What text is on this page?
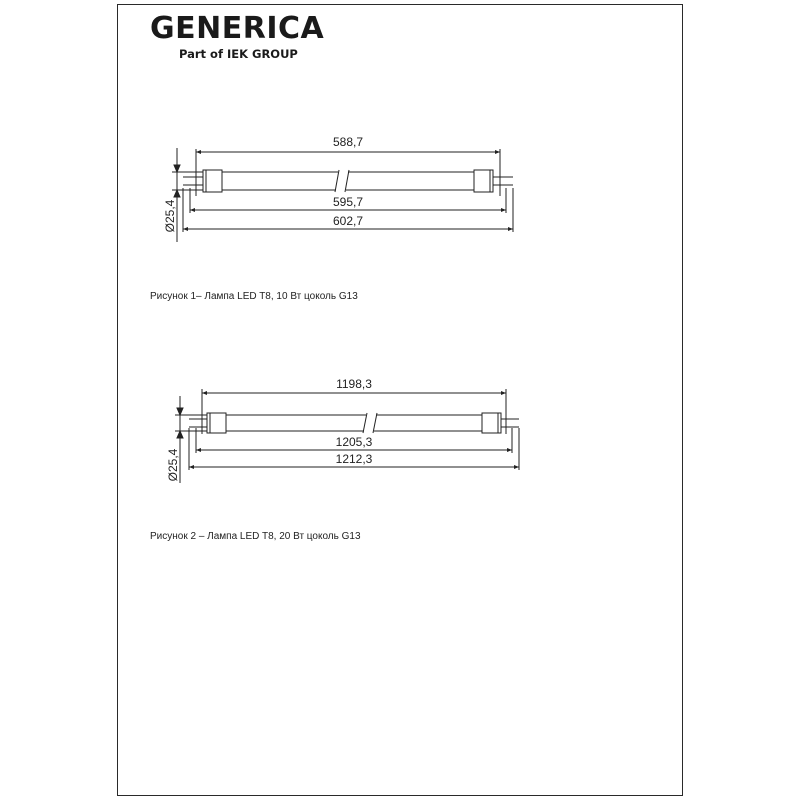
GENERICA
Part of IEK GROUP
588,7
595,7
602,7
Ø25,4
1198,3
1205,3
1212,3
Ø25,4
Рисунок 1– Лампа LED T8, 10 Вт цоколь G13
Рисунок 2 – Лампа LED T8, 20 Вт цоколь G13
